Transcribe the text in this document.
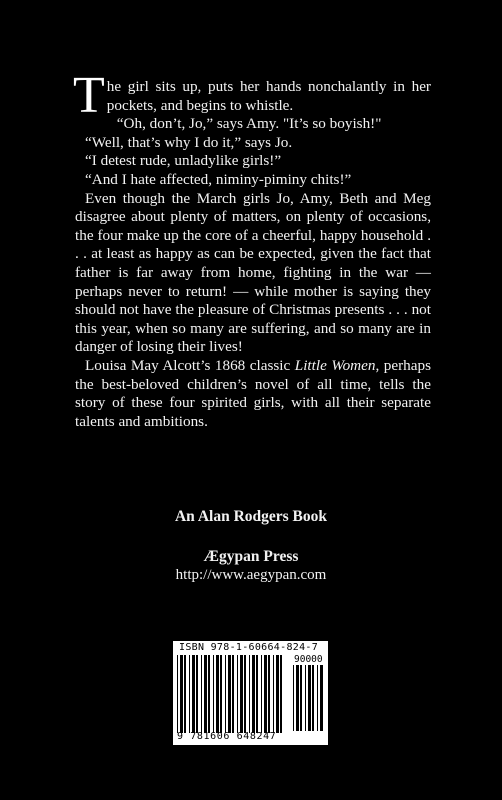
The girl sits up, puts her hands nonchalantly in her pockets, and begins to whistle.

“Oh, don’t, Jo,” says Amy. "It’s so boyish!"

“Well, that’s why I do it,” says Jo.

“I detest rude, unladylike girls!”

“And I hate affected, niminy-piminy chits!”

Even though the March girls Jo, Amy, Beth and Meg disagree about plenty of matters, on plenty of occasions, the four make up the core of a cheerful, happy household . . . at least as happy as can be expected, given the fact that father is far away from home, fighting in the war — perhaps never to return! — while mother is saying they should not have the pleasure of Christmas presents . . . not this year, when so many are suffering, and so many are in danger of losing their lives!

Louisa May Alcott’s 1868 classic Little Women, perhaps the best-beloved children’s novel of all time, tells the story of these four spirited girls, with all their separate talents and ambitions.

An Alan Rodgers Book
Ægypan Press
http://www.aegypan.com
ISBN 978-1-60664-824-7
90000
9 781606 648247
